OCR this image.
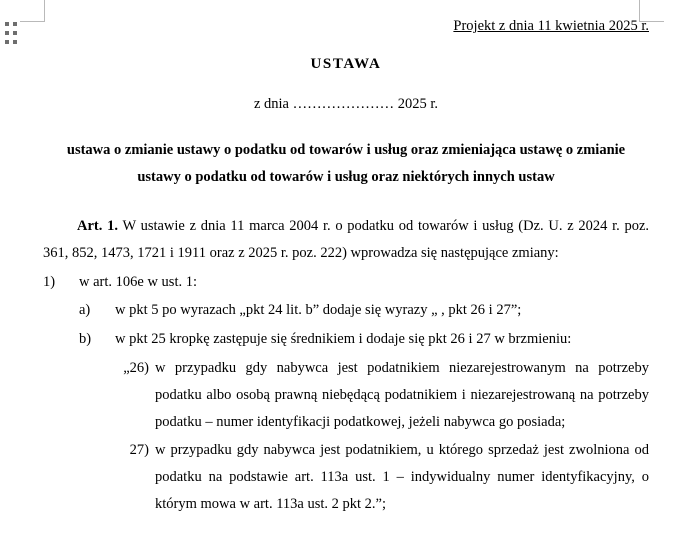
Projekt z dnia 11 kwietnia 2025 r.
USTAWA
z dnia ………………… 2025 r.
ustawa o zmianie ustawy o podatku od towarów i usług oraz zmieniająca ustawę o zmianie ustawy o podatku od towarów i usług oraz niektórych innych ustaw
Art. 1. W ustawie z dnia 11 marca 2004 r. o podatku od towarów i usług (Dz. U. z 2024 r. poz. 361, 852, 1473, 1721 i 1911 oraz z 2025 r. poz. 222) wprowadza się następujące zmiany:
1) w art. 106e w ust. 1:
a) w pkt 5 po wyrazach „pkt 24 lit. b” dodaje się wyrazy „ , pkt 26 i 27”;
b) w pkt 25 kropkę zastępuje się średnikiem i dodaje się pkt 26 i 27 w brzmieniu:
„26) w przypadku gdy nabywca jest podatnikiem niezarejestrowanym na potrzeby podatku albo osobą prawną niebędącą podatnikiem i niezarejestrowaną na potrzeby podatku – numer identyfikacji podatkowej, jeżeli nabywca go posiada;
27) w przypadku gdy nabywca jest podatnikiem, u którego sprzedaż jest zwolniona od podatku na podstawie art. 113a ust. 1 – indywidualny numer identyfikacyjny, o którym mowa w art. 113a ust. 2 pkt 2.”;
